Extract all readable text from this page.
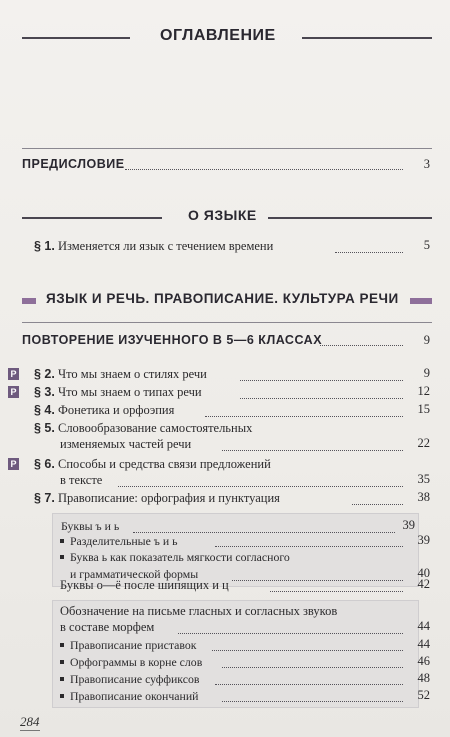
ОГЛАВЛЕНИЕ
ПРЕДИСЛОВИЕ	3
О ЯЗЫКЕ
§ 1. Изменяется ли язык с течением времени	5
ЯЗЫК И РЕЧЬ. ПРАВОПИСАНИЕ. КУЛЬТУРА РЕЧИ
ПОВТОРЕНИЕ ИЗУЧЕННОГО В 5—6 КЛАССАХ	9
Р § 2. Что мы знаем о стилях речи	9
Р § 3. Что мы знаем о типах речи	12
§ 4. Фонетика и орфоэпия	15
§ 5. Словообразование самостоятельных
изменяемых частей речи	22
Р § 6. Способы и средства связи предложений
в тексте	35
§ 7. Правописание: орфография и пунктуация	38
Буквы ъ и ь	39
Разделительные ъ и ь	39
Буква ь как показатель мягкости согласного
и грамматической формы	40
Буквы о—ё после шипящих и ц	42
Обозначение на письме гласных и согласных звуков
в составе морфем	44
Правописание приставок	44
Орфограммы в корне слов	46
Правописание суффиксов	48
Правописание окончаний	52
284
